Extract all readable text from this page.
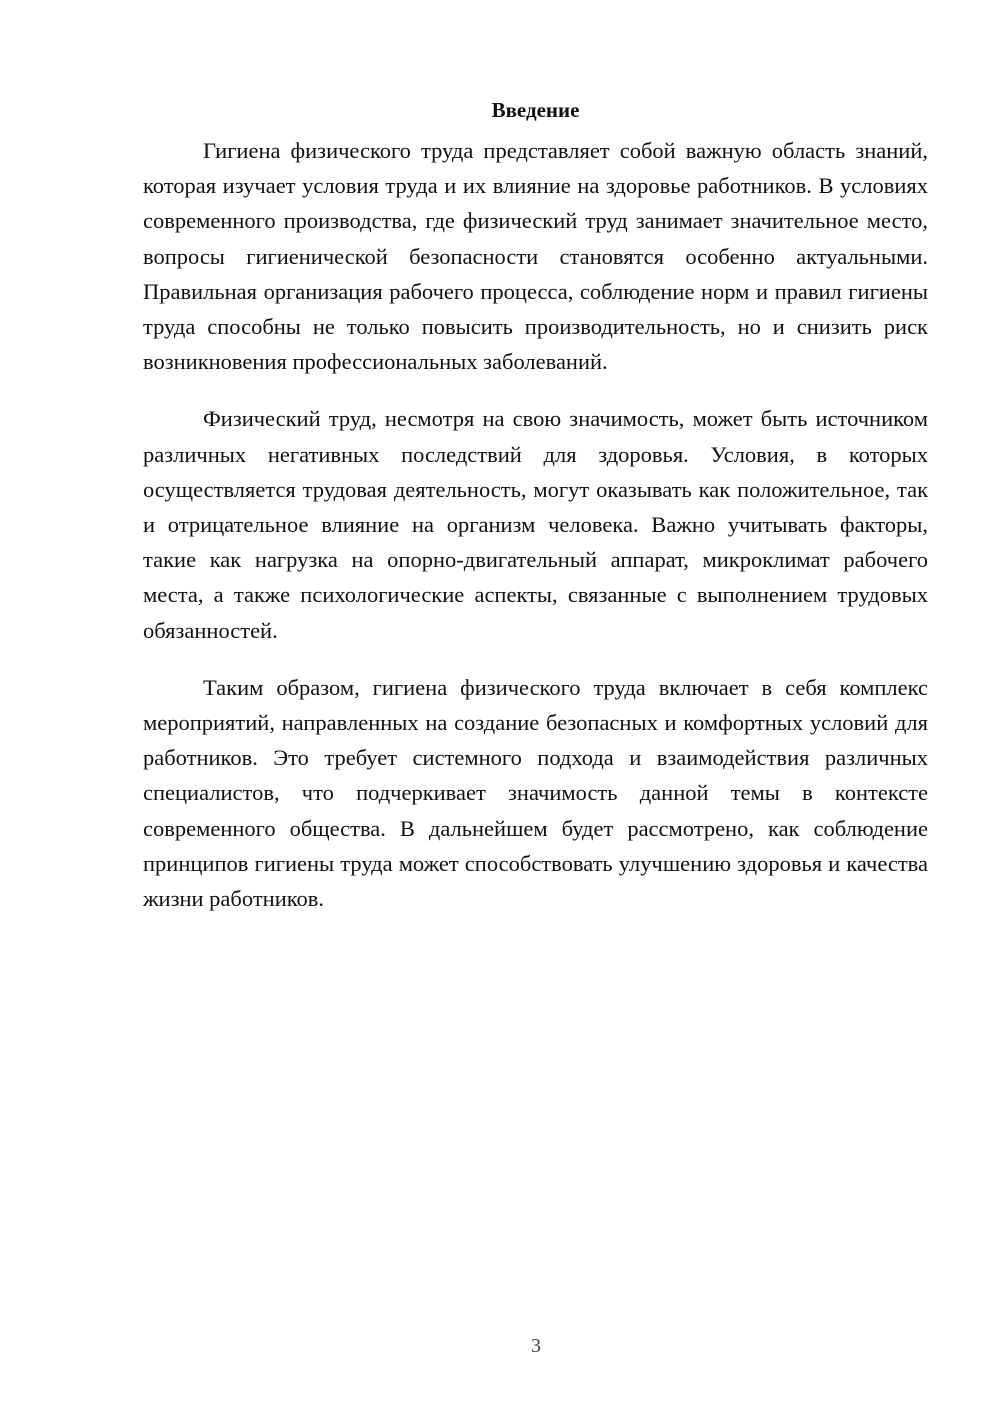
Введение

Гигиена физического труда представляет собой важную область знаний, которая изучает условия труда и их влияние на здоровье работников. В условиях современного производства, где физический труд занимает значительное место, вопросы гигиенической безопасности становятся особенно актуальными. Правильная организация рабочего процесса, соблюдение норм и правил гигиены труда способны не только повысить производительность, но и снизить риск возникновения профессиональных заболеваний.

Физический труд, несмотря на свою значимость, может быть источником различных негативных последствий для здоровья. Условия, в которых осуществляется трудовая деятельность, могут оказывать как положительное, так и отрицательное влияние на организм человека. Важно учитывать факторы, такие как нагрузка на опорно-двигательный аппарат, микроклимат рабочего места, а также психологические аспекты, связанные с выполнением трудовых обязанностей.

Таким образом, гигиена физического труда включает в себя комплекс мероприятий, направленных на создание безопасных и комфортных условий для работников. Это требует системного подхода и взаимодействия различных специалистов, что подчеркивает значимость данной темы в контексте современного общества. В дальнейшем будет рассмотрено, как соблюдение принципов гигиены труда может способствовать улучшению здоровья и качества жизни работников.

3
